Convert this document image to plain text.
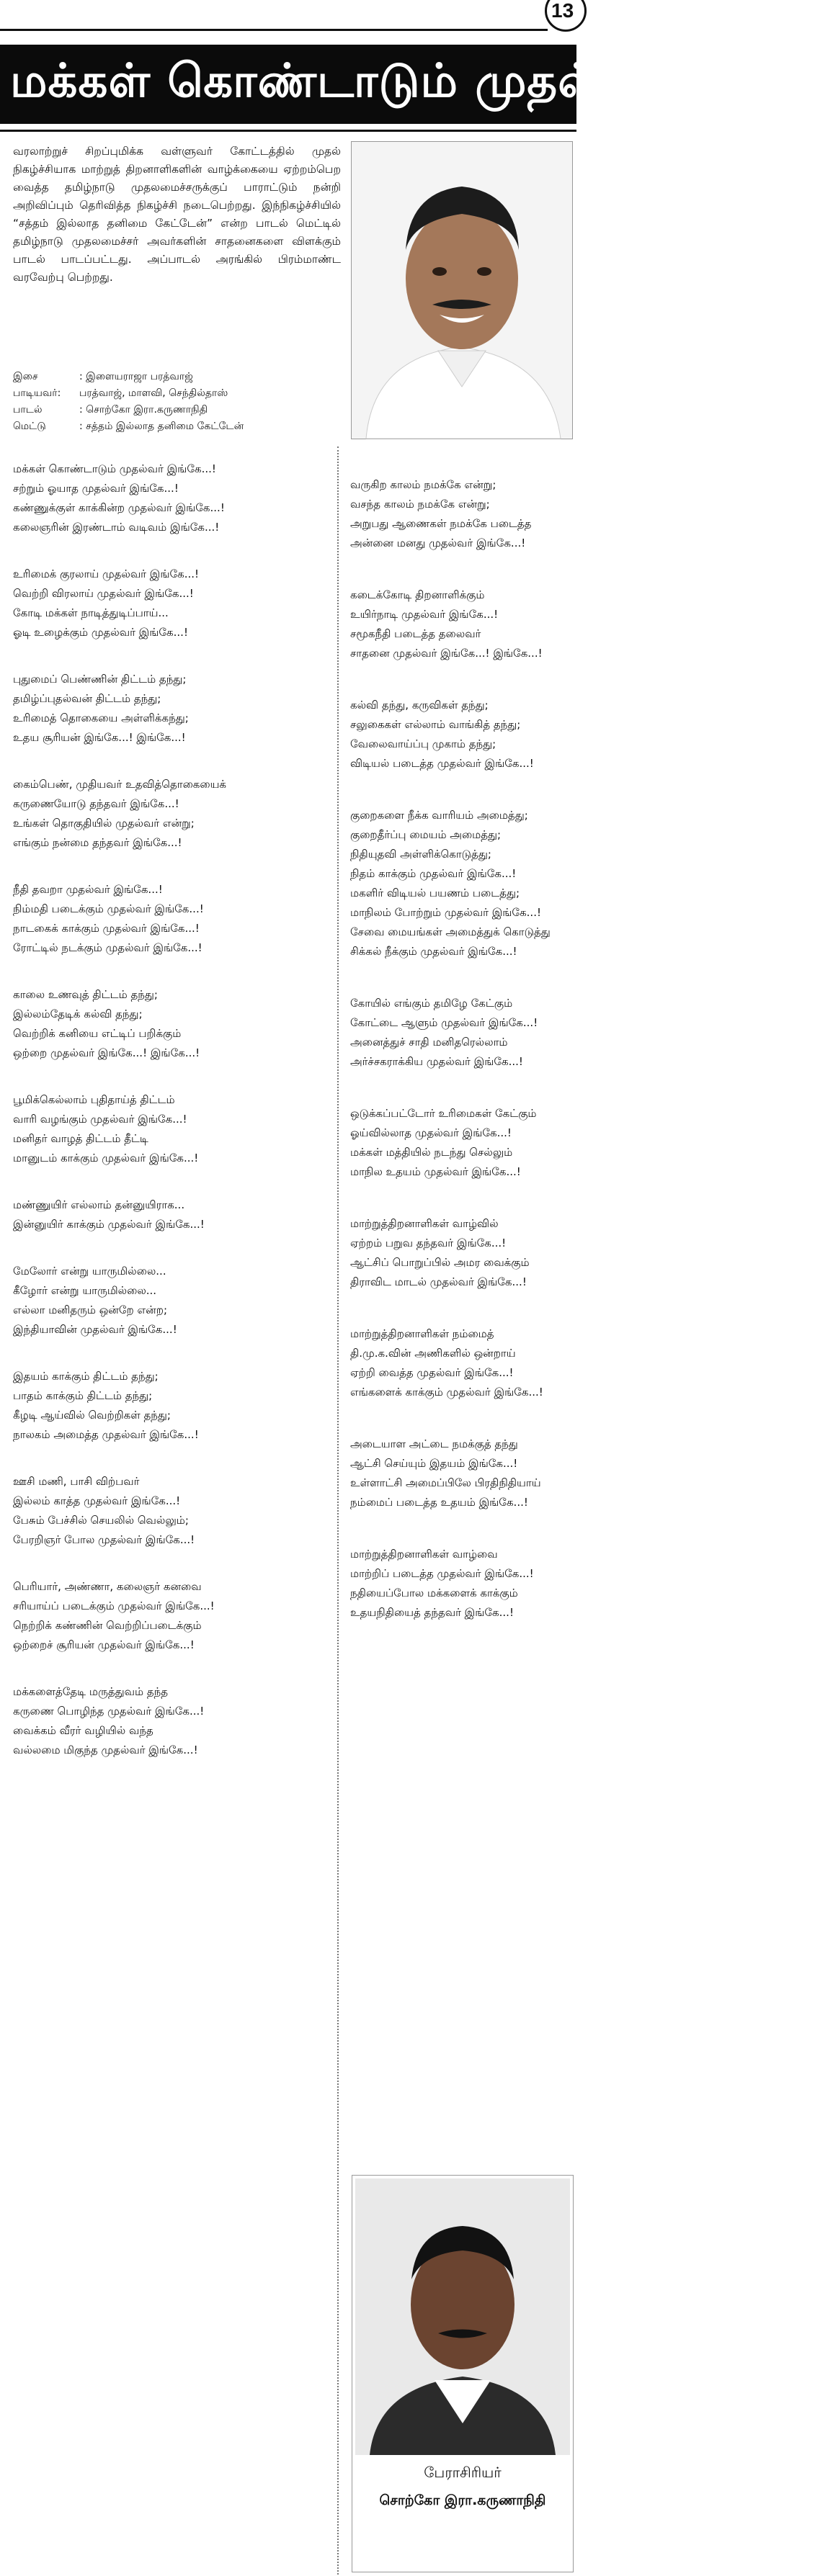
13
மக்கள் கொண்டாடும் முதல்வர் இங்கே
வரலாற்றுச் சிறப்புமிக்க வள்ளுவர் கோட்டத்தில் முதல் நிகழ்ச்சியாக மாற்றுத் திறனாளிகளின் வாழ்க்கையை ஏற்றம்பெற வைத்த தமிழ்நாடு முதலமைச்சருக்குப் பாராட்டும் நன்றி அறிவிப்பும் தெரிவித்த நிகழ்ச்சி நடைபெற்றது. இந்நிகழ்ச்சியில் “சத்தம் இல்லாத தனிமை கேட்டேன்” என்ற பாடல் மெட்டில் தமிழ்நாடு முதலமைச்சர் அவர்களின் சாதனைகளை விளக்கும் பாடல் பாடப்பட்டது. அப்பாடல் அரங்கில் பிரம்மாண்ட வரவேற்பு பெற்றது.
இசை	: இளையராஜா பரத்வாஜ்
பாடியவர்:	பரத்வாஜ், மாளவி, செந்தில்தாஸ்
பாடல்	: சொற்கோ இரா.கருணாநிதி
மெட்டு	: சத்தம் இல்லாத தனிமை கேட்டேன்
மக்கள் கொண்டாடும் முதல்வர் இங்கே...!
சற்றும் ஓயாத முதல்வர் இங்கே...!
கண்ணுக்குள் காக்கின்ற முதல்வர் இங்கே...!
கலைஞரின் இரண்டாம் வடிவம் இங்கே...!
உரிமைக் குரலாய் முதல்வர் இங்கே...!
வெற்றி விரலாய் முதல்வர் இங்கே...!
கோடி மக்கள் நாடித்துடிப்பாய்...
ஓடி உழைக்கும் முதல்வர் இங்கே...!
புதுமைப் பெண்ணின் திட்டம் தந்து;
தமிழ்ப்புதல்வன் திட்டம் தந்து;
உரிமைத் தொகையை அள்ளிக்கந்து;
உதய சூரியன் இங்கே...! இங்கே...!
கைம்பெண், முதியவர் உதவித்தொகையைக்
கருணையோடு தந்தவர் இங்கே...!
உங்கள் தொகுதியில் முதல்வர் என்று;
எங்கும் நன்மை தந்தவர் இங்கே...!
நீதி தவறா முதல்வர் இங்கே...!
நிம்மதி படைக்கும் முதல்வர் இங்கே...!
நாடகைக் காக்கும் முதல்வர் இங்கே...!
ரோட்டில் நடக்கும் முதல்வர் இங்கே...!
காலை உணவுத் திட்டம் தந்து;
இல்லம்தேடிக் கல்வி தந்து;
வெற்றிக் கனியை எட்டிப் பறிக்கும்
ஒற்றை முதல்வர் இங்கே...! இங்கே...!
பூமிக்கெல்லாம் புதிதாய்த் திட்டம்
வாரி வழங்கும் முதல்வர் இங்கே...!
மனிதர் வாழத் திட்டம் தீட்டி
மானுடம் காக்கும் முதல்வர் இங்கே...!
மண்ணுயிர் எல்லாம் தன்னுயிராக...
இன்னுயிர் காக்கும் முதல்வர் இங்கே...!
மேலோர் என்று யாருமில்லை...
கீழோர் என்று யாருமில்லை...
எல்லா மனிதரும் ஒன்றே என்ற;
இந்தியாவின் முதல்வர் இங்கே...!
இதயம் காக்கும் திட்டம் தந்து;
பாதம் காக்கும் திட்டம் தந்து;
கீழடி ஆய்வில் வெற்றிகள் தந்து;
நாலகம் அமைத்த முதல்வர் இங்கே...!
ஊசி மணி, பாசி விற்பவர்
இல்லம் காத்த முதல்வர் இங்கே...!
பேசும் பேச்சில் செயலில் வெல்லும்;
பேரறிஞர் போல முதல்வர் இங்கே...!
பெரியார், அண்ணா, கலைஞர் கனவை
சரியாய்ப் படைக்கும் முதல்வர் இங்கே...!
நெற்றிக் கண்ணின் வெற்றிப்படைக்கும்
ஒற்றைச் சூரியன் முதல்வர் இங்கே...!
மக்களைத்தேடி மருத்துவம் தந்த
கருணை பொழிந்த முதல்வர் இங்கே...!
வைக்கம் வீரர் வழியில் வந்த
வல்லமை மிகுந்த முதல்வர் இங்கே...!
வருகிற காலம் நமக்கே என்று;
வசந்த காலம் நமக்கே என்று;
அறுபது ஆணைகள் நமக்கே படைத்த
அன்னை மனது முதல்வர் இங்கே...!
கடைக்கோடி திறனாளிக்கும்
உயிர்நாடி முதல்வர் இங்கே...!
சமூகநீதி படைத்த தலைவர்
சாதனை முதல்வர் இங்கே...! இங்கே...!
கல்வி தந்து, கருவிகள் தந்து;
சலுகைகள் எல்லாம் வாங்கித் தந்து;
வேலைவாய்ப்பு முகாம் தந்து;
விடியல் படைத்த முதல்வர் இங்கே...!
குறைகளை நீக்க வாரியம் அமைத்து;
குறைதீர்ப்பு மையம் அமைத்து;
நிதியுதவி அள்ளிக்கொடுத்து;
நிதம் காக்கும் முதல்வர் இங்கே...!
மகளிர் விடியல் பயணம் படைத்து;
மாநிலம் போற்றும் முதல்வர் இங்கே...!
சேவை மையங்கள் அமைத்துக் கொடுத்து
சிக்கல் நீக்கும் முதல்வர் இங்கே...!
கோயில் எங்கும் தமிழே கேட்கும்
கோட்டை ஆளும் முதல்வர் இங்கே...!
அனைத்துச் சாதி மனிதரெல்லாம்
அர்ச்சகராக்கிய முதல்வர் இங்கே...!
ஒடுக்கப்பட்டோர் உரிமைகள் கேட்கும்
ஓய்வில்லாத முதல்வர் இங்கே...!
மக்கள் மத்தியில் நடந்து செல்லும்
மாநில உதயம் முதல்வர் இங்கே...!
மாற்றுத்திறனாளிகள் வாழ்வில்
ஏற்றம் பறுவ தந்தவர் இங்கே...!
ஆட்சிப் பொறுப்பில் அமர வைக்கும்
திராவிட மாடல் முதல்வர் இங்கே...!
மாற்றுத்திறனாளிகள் நம்மைத்
தி.மு.க.வின் அணிகளில் ஒன்றாய்
ஏற்றி வைத்த முதல்வர் இங்கே...!
எங்களைக் காக்கும் முதல்வர் இங்கே...!
அடையாள அட்டை நமக்குத் தந்து
ஆட்சி செய்யும் இதயம் இங்கே...!
உள்ளாட்சி அமைப்பிலே பிரதிநிதியாய்
நம்மைப் படைத்த உதயம் இங்கே...!
மாற்றுத்திறனாளிகள் வாழ்வை
மாற்றிப் படைத்த முதல்வர் இங்கே...!
நதியைப்போல மக்களைக் காக்கும்
உதயநிதியைத் தந்தவர் இங்கே...!
பேராசிரியர்
சொற்கோ இரா.கருணாநிதி
